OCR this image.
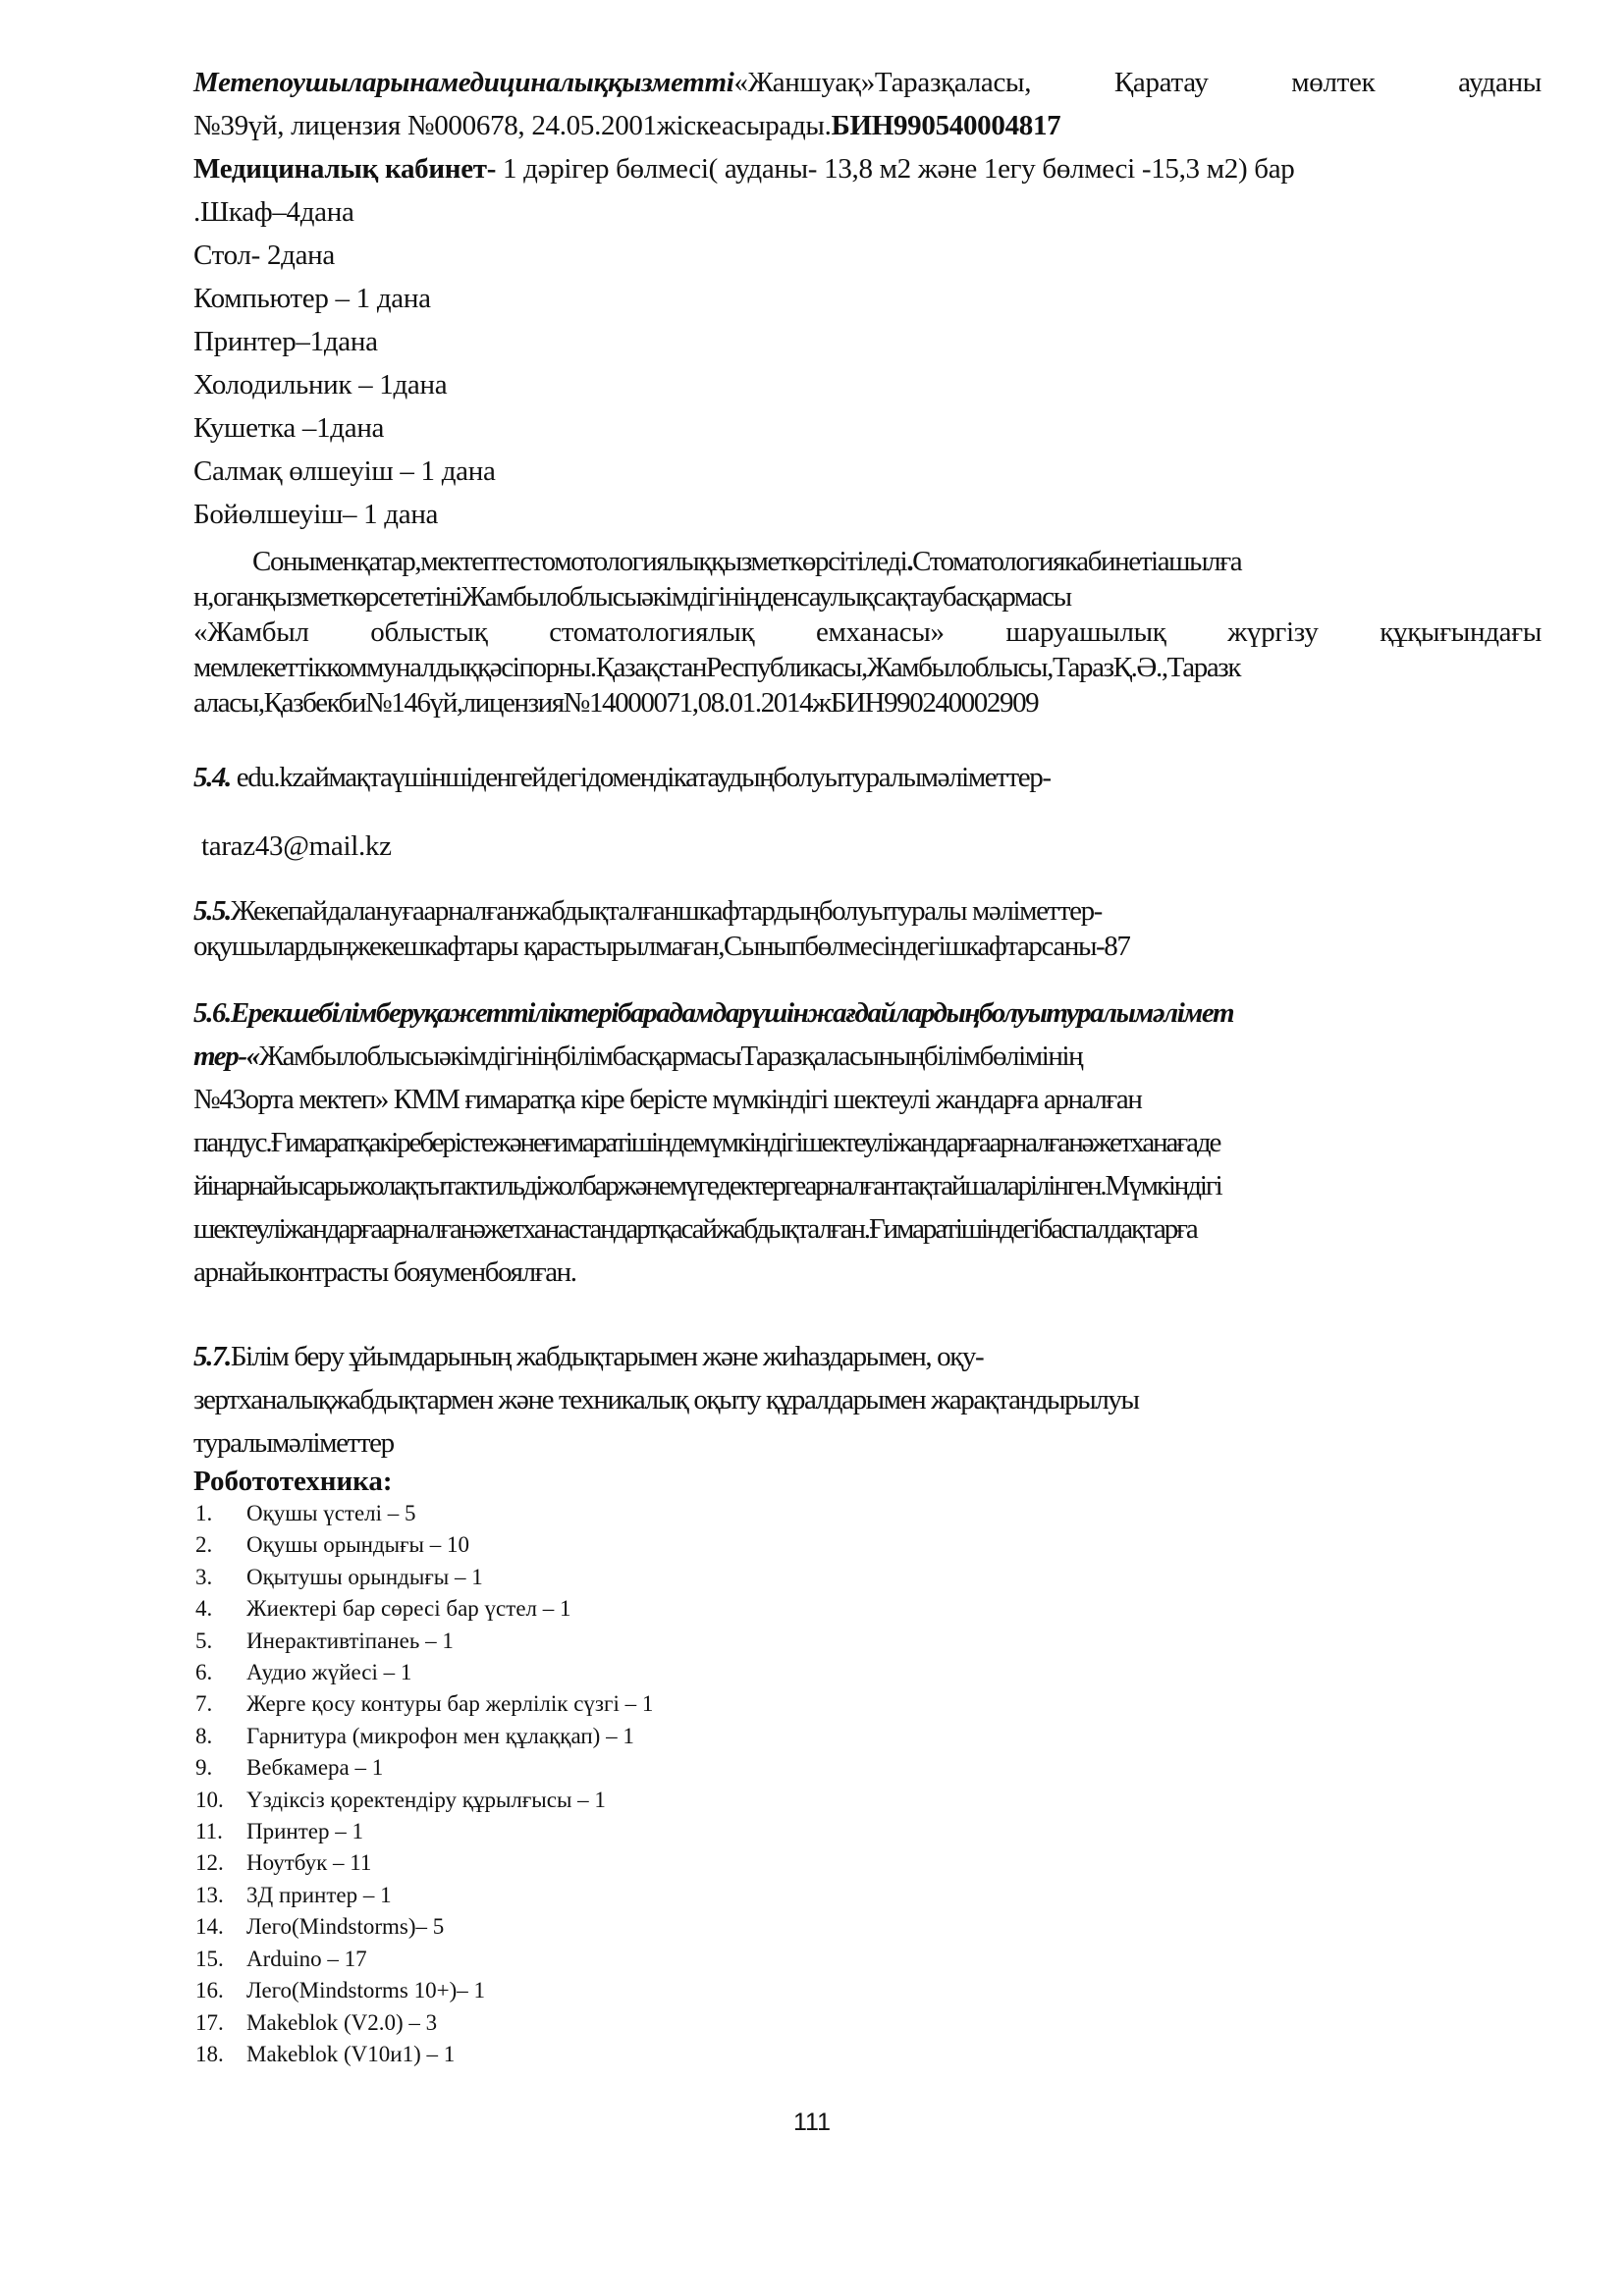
Метепоушыларынамедициналыққызметті«Жаншуақ»Таразқаласы, Қаратау мөлтек ауданы
№39үй, лицензия №000678, 24.05.2001жіскеасырады.БИН990540004817
Медициналық кабинет- 1 дәрігер бөлмесі( ауданы- 13,8 м2 және 1егу бөлмесі -15,3 м2) бар
.Шкаф–4дана
Стол- 2дана
Компьютер – 1 дана
Принтер–1дана
Холодильник – 1дана
Кушетка –1дана
Салмақ өлшеуіш – 1 дана
Бойөлшеуіш– 1 дана
Соныменқатар,мектептестомотологиялыққызметкөрсітіледі.Стоматологиякабинетіашылға
н,оганқызметкөрсететініЖамбылоблысыәкімдігініңденсаулықсақтаубасқармасы
«Жамбыл облыстық стоматологиялық емханасы» шаруашылық жүргізу құқығындағы
мемлекеттіккоммуналдыққәсіпорны.ҚазақстанРеспубликасы,Жамбылоблысы,ТаразҚ.Ә.,Таразк
аласы,Қазбекби№146үй,лицензия№14000071,08.01.2014жБИН990240002909
5.4. edu.kzаймақтаүшіншіденгейдегідомендікатаудыңболуытуралымәліметтер-
taraz43@mail.kz
5.5.Жекепайдалануғаарналғанжабдықталғаншкафтардыңболуытуралы мәліметтер-
оқушылардыңжекешкафтары қарастырылмаған,Сыныпбөлмесіндегішкафтарсаны-87
5.6.Ерекшебілімберуқажеттіліктерібарадамдарүшінжағдайлардыңболуытуралымәлімет
тер-«ЖамбылоблысыәкімдігініңбілімбасқармасыТаразқаласыныңбілімбөлімінің
№43орта мектеп» КММ ғимаратқа кіре берісте мүмкіндігі шектеулі жандарға арналған
пандус.Ғимаратқакіреберістежәнеғимаратішіндемүмкіндігішектеуліжандарғаарналғанәжетханағаде
йінарнайысарыжолақтытактильдіжолбаржәнемүгедектергеарналғантақтайшаларілінген.Мүмкіндігі
шектеуліжандарғаарналғанәжетханастандартқасайжабдықталған.Ғимаратішіндегібаспалдақтарға
арнайыконтрасты бояуменбоялған.
5.7.Білім беру ұйымдарының жабдықтарымен және жиһаздарымен, оқу-
зертханалықжабдықтармен және техникалық оқыту құралдарымен жарақтандырылуы
туралымәліметтер
Робототехника:
1.	Оқушы үстелі – 5
2.	Оқушы орындығы – 10
3.	Оқытушы орындығы – 1
4.	Жиектері бар сөресі бар үстел – 1
5.	Инерактивтіпанеь – 1
6.	Аудио жүйесі – 1
7.	Жерге қосу контуры бар жерлілік сүзгі – 1
8.	Гарнитура (микрофон мен құлаққап) – 1
9.	Вебкамера – 1
10.	Үздіксіз қоректендіру құрылғысы – 1
11.	Принтер – 1
12.	Ноутбук – 11
13.	3Д принтер – 1
14.	Лего(Mindstorms)– 5
15.	Arduino – 17
16.	Лего(Mindstorms 10+)– 1
17.	Makeblok (V2.0) – 3
18.	Makeblok (V10и1) – 1
111
